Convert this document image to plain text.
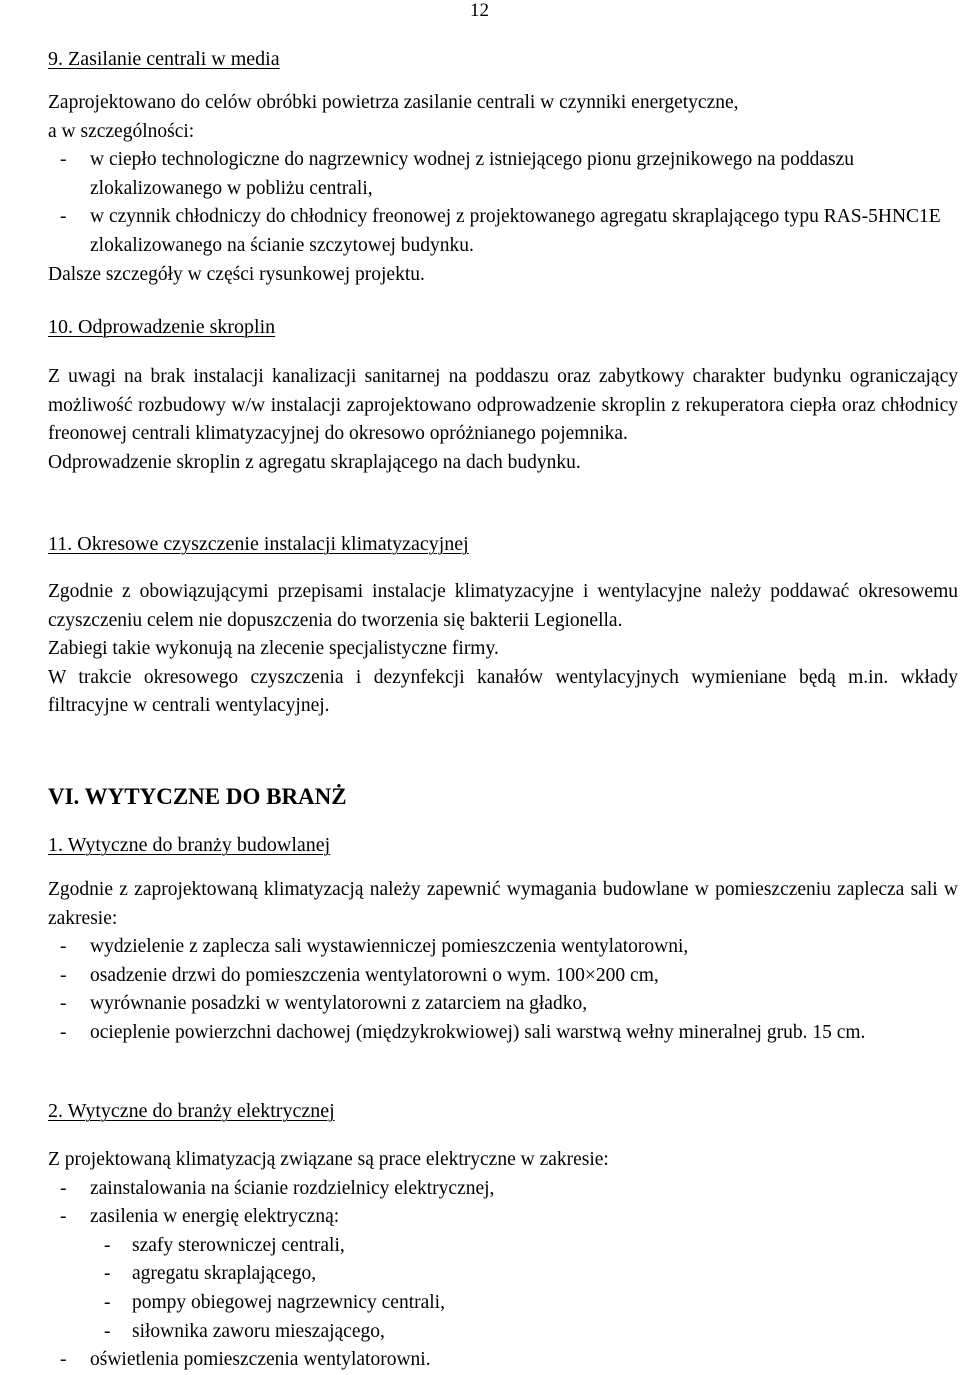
12
9. Zasilanie centrali w media
Zaprojektowano do celów obróbki powietrza zasilanie centrali w czynniki energetyczne,
a w szczególności:
- w ciepło technologiczne do nagrzewnicy wodnej z istniejącego pionu grzejnikowego na poddaszu zlokalizowanego w pobliżu centrali,
- w czynnik chłodniczy do chłodnicy freonowej z projektowanego agregatu skraplającego typu RAS-5HNC1E zlokalizowanego na ścianie szczytowej budynku.
Dalsze szczegóły w części rysunkowej projektu.
10. Odprowadzenie skroplin
Z uwagi na brak instalacji kanalizacji sanitarnej na poddaszu oraz zabytkowy charakter budynku ograniczający możliwość rozbudowy w/w instalacji zaprojektowano odprowadzenie skroplin z rekuperatora ciepła oraz chłodnicy freonowej centrali klimatyzacyjnej do okresowo opróżnianego pojemnika.
Odprowadzenie skroplin z agregatu skraplającego na dach budynku.
11. Okresowe czyszczenie instalacji klimatyzacyjnej
Zgodnie z obowiązującymi przepisami instalacje klimatyzacyjne i wentylacyjne należy poddawać okresowemu czyszczeniu celem nie dopuszczenia do tworzenia się bakterii Legionella.
Zabiegi takie wykonują na zlecenie specjalistyczne firmy.
W trakcie okresowego czyszczenia i dezynfekcji kanałów wentylacyjnych wymieniane będą m.in. wkłady filtracyjne w centrali wentylacyjnej.
VI. WYTYCZNE DO BRANŻ
1. Wytyczne do branży budowlanej
Zgodnie z zaprojektowaną klimatyzacją należy zapewnić wymagania budowlane w pomieszczeniu zaplecza sali w zakresie:
- wydzielenie z zaplecza sali wystawienniczej pomieszczenia wentylatorowni,
- osadzenie drzwi do pomieszczenia wentylatorowni o wym. 100×200 cm,
- wyrównanie posadzki w wentylatorowni z zatarciem na gładko,
- ocieplenie powierzchni dachowej (międzykrokwiowej) sali warstwą wełny mineralnej grub. 15 cm.
2. Wytyczne do branży elektrycznej
Z projektowaną klimatyzacją związane są prace elektryczne w zakresie:
- zainstalowania na ścianie rozdzielnicy elektrycznej,
- zasilenia w energię elektryczną:
- szafy sterowniczej centrali,
- agregatu skraplającego,
- pompy obiegowej nagrzewnicy centrali,
- siłownika zaworu mieszającego,
- oświetlenia pomieszczenia wentylatorowni.
